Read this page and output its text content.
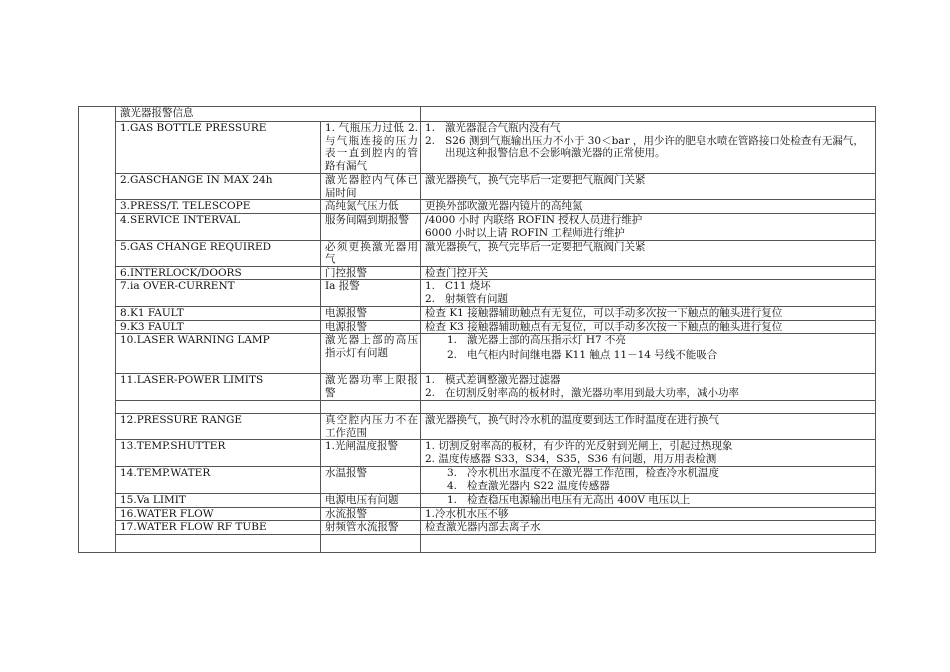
	激光器报警信息		
	1.GAS BOTTLE PRESSURE	1. 气瓶压力过低 2. 与气瓶连接的压力表一直到腔内的管路有漏气	1. 激光器混合气瓶内没有气
2. S26 测到气瓶输出压力不小于 30＜bar ，用少许的肥皂水喷在管路接口处检查有无漏气，出现这种报警信息不会影响激光器的正常使用。

	2.GASCHANGE IN MAX 24h	激光器腔内气体已届时间	激光器换气，换气完毕后一定要把气瓶阀门关紧
	3.PRESS/T. TELESCOPE	高纯氮气压力低	更换外部吹激光器内镜片的高纯氮
	4.SERVICE INTERVAL	服务间隔到期报警	/4000 小时 内联络 ROFIN 授权人员进行维护
6000 小时以上请 ROFIN 工程师进行维护

	5.GAS CHANGE REQUIRED	必须更换激光器用气	激光器换气，换气完毕后一定要把气瓶阀门关紧
	6.INTERLOCK/DOORS	门控报警	检查门控开关
	7.ia OVER-CURRENT	Ia 报警	1. C11 烧坏
2. 射频管有问题

	8.K1 FAULT	电源报警	检查 K1 接触器辅助触点有无复位，可以手动多次按一下触点的触头进行复位
	9.K3 FAULT	电源报警	检查 K3 接触器辅助触点有无复位，可以手动多次按一下触点的触头进行复位
	10.LASER WARNING LAMP	激光器上部的高压指示灯有问题	1. 激光器上部的高压指示灯 H7 不亮
2. 电气柜内时间继电器 K11 触点 11－14 号线不能吸合

	11.LASER-POWER LIMITS	激光器功率上限报警	1. 模式差调整激光器过滤器
2. 在切割反射率高的板材时，激光器功率用到最大功率，减小功率

	12.PRESSURE RANGE	真空腔内压力不在工作范围	激光器换气，换气时冷水机的温度要到达工作时温度在进行换气
	13.TEMP.SHUTTER	1.光闸温度报警	1. 切割反射率高的板材，有少许的光反射到光闸上，引起过热现象
2. 温度传感器 S33，S34，S35，S36 有问题，用万用表检测

	14.TEMP.WATER	水温报警	3. 冷水机出水温度不在激光器工作范围，检查冷水机温度
4. 检查激光器内 S22 温度传感器

	15.Va LIMIT	电源电压有问题	1. 检查稳压电源输出电压有无高出 400V 电压以上

	16.WATER FLOW	水流报警	1.冷水机水压不够
	17.WATER FLOW RF TUBE	射频管水流报警	检查激光器内部去离子水
